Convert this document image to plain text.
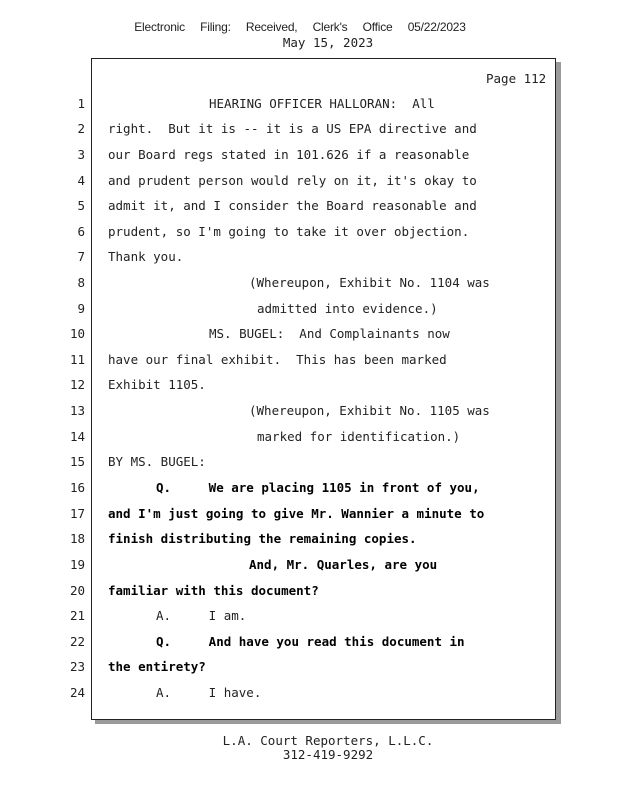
Electronic Filing: Received, Clerk's Office 05/22/2023
May 15, 2023
Page 112
1	HEARING OFFICER HALLORAN:  All
2 right.  But it is -- it is a US EPA directive and
3 our Board regs stated in 101.626 if a reasonable
4 and prudent person would rely on it, it's okay to
5 admit it, and I consider the Board reasonable and
6 prudent, so I'm going to take it over objection.
7 Thank you.
8	(Whereupon, Exhibit No. 1104 was
9	admitted into evidence.)
10	MS. BUGEL:  And Complainants now
11 have our final exhibit.  This has been marked
12 Exhibit 1105.
13	(Whereupon, Exhibit No. 1105 was
14	marked for identification.)
15 BY MS. BUGEL:
16	Q.     We are placing 1105 in front of you,
17 and I'm just going to give Mr. Wannier a minute to
18 finish distributing the remaining copies.
19	And, Mr. Quarles, are you
20 familiar with this document?
21	A.     I am.
22	Q.     And have you read this document in
23 the entirety?
24	A.     I have.
L.A. Court Reporters, L.L.C.
312-419-9292
